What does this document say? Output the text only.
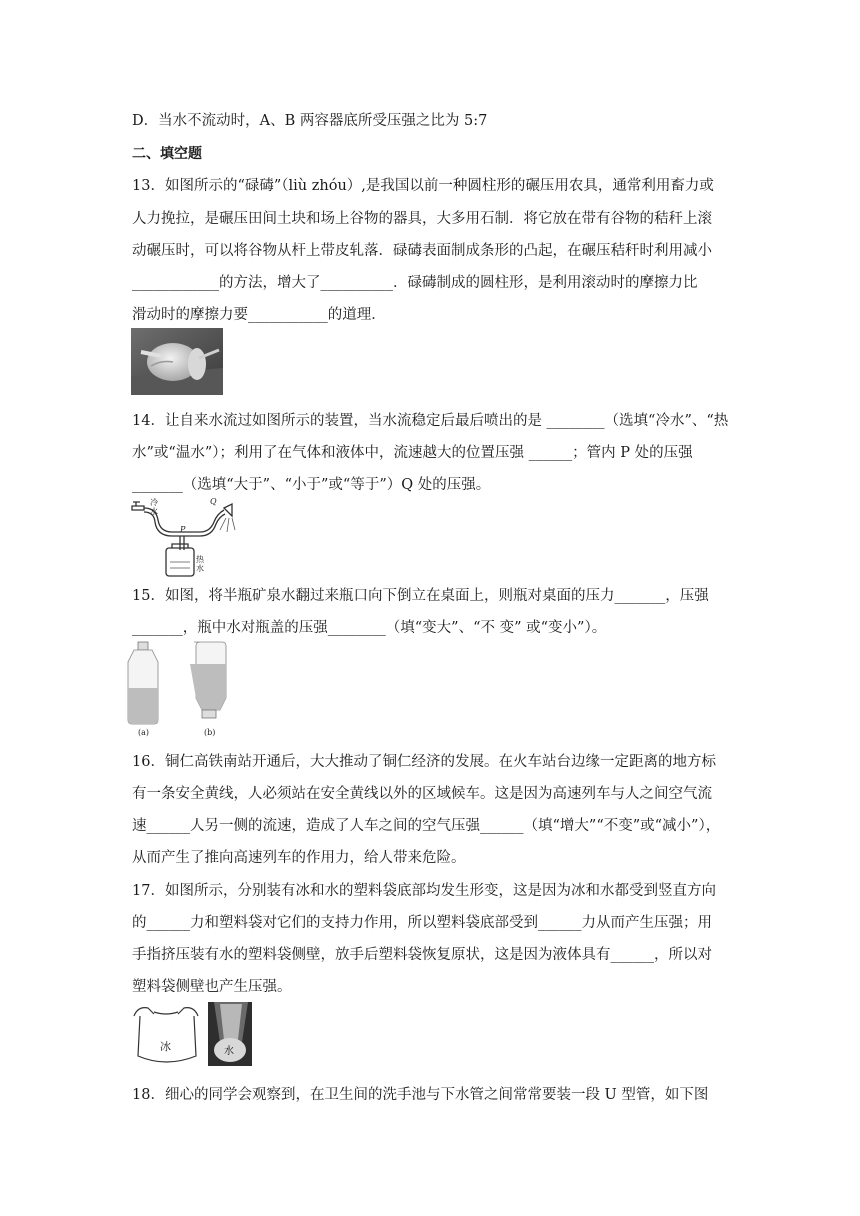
D．当水不流动时，A、B 两容器底所受压强之比为 5:7
二、填空题
13．如图所示的“碌碡”（liù zhóu）,是我国以前一种圆柱形的碾压用农具，通常利用畜力或
人力挽拉，是碾压田间土块和场上谷物的器具，大多用石制．将它放在带有谷物的秸秆上滚
动碾压时，可以将谷物从杆上带皮轧落．碌碡表面制成条形的凸起，在碾压秸秆时利用减小
____________的方法，增大了__________．碌碡制成的圆柱形，是利用滚动时的摩擦力比
滑动时的摩擦力要___________的道理．
14．让自来水流过如图所示的装置，当水流稳定后最后喷出的是 ________（选填“冷水”、“热
水”或“温水”）；利用了在气体和液体中，流速越大的位置压强 ______；管内 P 处的压强
_______（选填“大于”、“小于”或“等于”）Q 处的压强。
冷
水
P
Q
热
水
15．如图，将半瓶矿泉水翻过来瓶口向下倒立在桌面上，则瓶对桌面的压力_______，压强
_______，瓶中水对瓶盖的压强________（填“变大”、“不 变” 或“变小”）。
(a)	(b)
16．铜仁高铁南站开通后，大大推动了铜仁经济的发展。在火车站台边缘一定距离的地方标
有一条安全黄线，人必须站在安全黄线以外的区域候车。这是因为高速列车与人之间空气流
速______人另一侧的流速，造成了人车之间的空气压强______（填“增大”“不变”或“减小”），
从而产生了推向高速列车的作用力，给人带来危险。
17．如图所示，分别装有冰和水的塑料袋底部均发生形变，这是因为冰和水都受到竖直方向
的______力和塑料袋对它们的支持力作用，所以塑料袋底部受到______力从而产生压强；用
手指挤压装有水的塑料袋侧壁，放手后塑料袋恢复原状，这是因为液体具有______，所以对
塑料袋侧壁也产生压强。
冰	水
18．细心的同学会观察到，在卫生间的洗手池与下水管之间常常要装一段 U 型管，如下图
